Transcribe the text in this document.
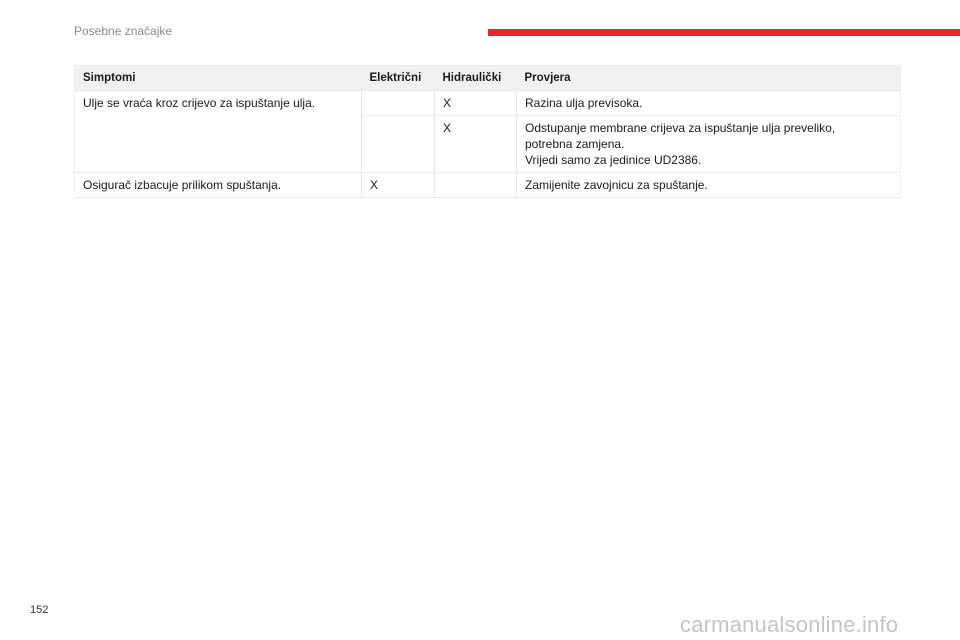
Posebne značajke
Simptomi	Električni	Hidraulički	Provjera
Ulje se vraća kroz crijevo za ispuštanje ulja.		X	Razina ulja previsoka.

		X	Odstupanje membrane crijeva za ispuštanje ulja preveliko,
potrebna zamjena.
Vrijedi samo za jedinice UD2386.

Osigurač izbacuje prilikom spuštanja.	X		Zamijenite zavojnicu za spuštanje.
152
carmanualsonline.info
